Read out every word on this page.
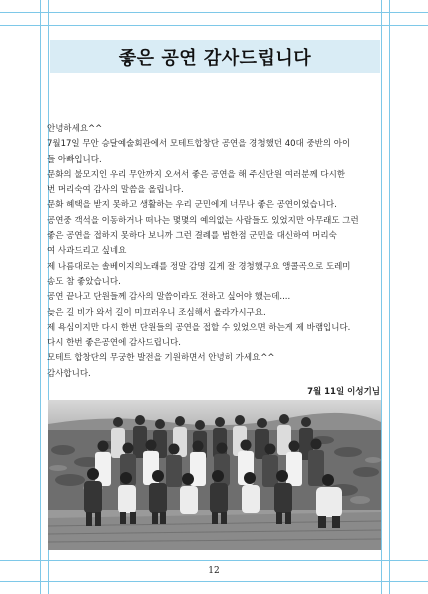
좋은 공연 감사드립니다

안녕하세요^^

7월17일 무안 승달예술회관에서 모테트합창단 공연을 경청했던 40대 중반의 아이

들 아빠입니다.

문화의 불모지인 우리 무안까지 오셔서 좋은 공연을 해 주신단원 여러분께 다시한

번 머리숙여 감사의 말씀을 올립니다.

문화 혜택을 받지 못하고 생활하는 우리 군민에게 너무나 좋은 공연이었습니다.

공연중 객석을 이동하거나 떠나는 몇몇의 예의없는 사람들도 있었지만 아무래도 그런

좋은 공연을 접하지 못하다 보니까 그런 결례를 범한점 군민을 대신하여 머리숙

여 사과드리고 싶네요

제 나름대로는 솔베이지의노래를 정말 감명 깊게 잘 경청했구요 앵콜곡으로 도레미

송도 참 좋았습니다.

공연 끝나고 단원들께 감사의 말씀이라도 전하고 싶어야 했는데....

늦은 길 비가 와서 길이 미끄러우니 조심해서 올라가시구요.

제 욕심이지만 다시 한번 단원들의 공연을 접할 수 있었으면 하는게 제 바램입니다.

다시 한번 좋은공연에 감사드립니다.

모테트 합창단의 무궁한 발전을 기원하면서 안녕히 가세요^^

감사합니다.

7월 11일 이성기님
12
